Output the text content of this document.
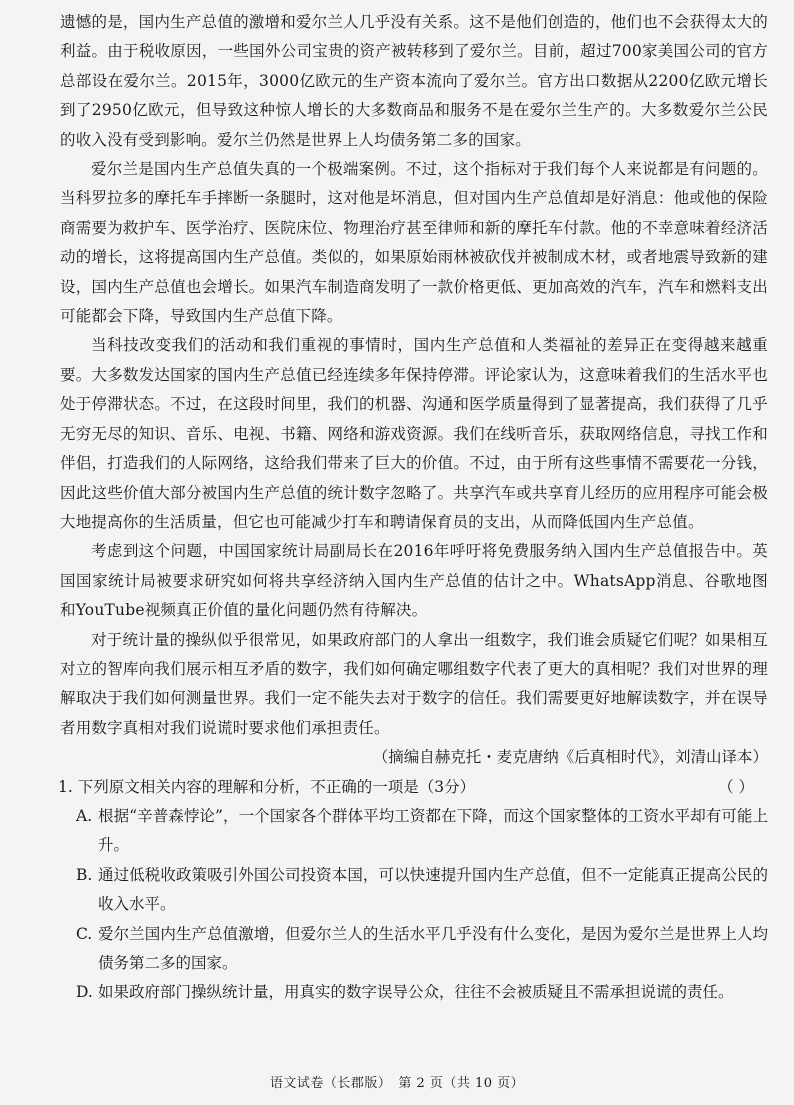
遗憾的是，国内生产总值的激增和爱尔兰人几乎没有关系。这不是他们创造的，他们也不会获得太大的利益。由于税收原因，一些国外公司宝贵的资产被转移到了爱尔兰。目前，超过700家美国公司的官方总部设在爱尔兰。2015年，3000亿欧元的生产资本流向了爱尔兰。官方出口数据从2200亿欧元增长到了2950亿欧元，但导致这种惊人增长的大多数商品和服务不是在爱尔兰生产的。大多数爱尔兰公民的收入没有受到影响。爱尔兰仍然是世界上人均债务第二多的国家。

爱尔兰是国内生产总值失真的一个极端案例。不过，这个指标对于我们每个人来说都是有问题的。当科罗拉多的摩托车手摔断一条腿时，这对他是坏消息，但对国内生产总值却是好消息：他或他的保险商需要为救护车、医学治疗、医院床位、物理治疗甚至律师和新的摩托车付款。他的不幸意味着经济活动的增长，这将提高国内生产总值。类似的，如果原始雨林被砍伐并被制成木材，或者地震导致新的建设，国内生产总值也会增长。如果汽车制造商发明了一款价格更低、更加高效的汽车，汽车和燃料支出可能都会下降，导致国内生产总值下降。

当科技改变我们的活动和我们重视的事情时，国内生产总值和人类福祉的差异正在变得越来越重要。大多数发达国家的国内生产总值已经连续多年保持停滞。评论家认为，这意味着我们的生活水平也处于停滞状态。不过，在这段时间里，我们的机器、沟通和医学质量得到了显著提高，我们获得了几乎无穷无尽的知识、音乐、电视、书籍、网络和游戏资源。我们在线听音乐，获取网络信息，寻找工作和伴侣，打造我们的人际网络，这给我们带来了巨大的价值。不过，由于所有这些事情不需要花一分钱，因此这些价值大部分被国内生产总值的统计数字忽略了。共享汽车或共享育儿经历的应用程序可能会极大地提高你的生活质量，但它也可能减少打车和聘请保育员的支出，从而降低国内生产总值。

考虑到这个问题，中国国家统计局副局长在2016年呼吁将免费服务纳入国内生产总值报告中。英国国家统计局被要求研究如何将共享经济纳入国内生产总值的估计之中。WhatsApp消息、谷歌地图和YouTube视频真正价值的量化问题仍然有待解决。

对于统计量的操纵似乎很常见，如果政府部门的人拿出一组数字，我们谁会质疑它们呢？如果相互对立的智库向我们展示相互矛盾的数字，我们如何确定哪组数字代表了更大的真相呢？我们对世界的理解取决于我们如何测量世界。我们一定不能失去对于数字的信任。我们需要更好地解读数字，并在误导者用数字真相对我们说谎时要求他们承担责任。

（摘编自赫克托・麦克唐纳《后真相时代》，刘清山译本）

1. 下列原文相关内容的理解和分析，不正确的一项是（3分）	（ ）
A. 根据“辛普森悖论”，一个国家各个群体平均工资都在下降，而这个国家整体的工资水平却有可能上升。
B. 通过低税收政策吸引外国公司投资本国，可以快速提升国内生产总值，但不一定能真正提高公民的收入水平。
C. 爱尔兰国内生产总值激增，但爱尔兰人的生活水平几乎没有什么变化，是因为爱尔兰是世界上人均债务第二多的国家。
D. 如果政府部门操纵统计量，用真实的数字误导公众，往往不会被质疑且不需承担说谎的责任。
语文试卷（长郡版）　第 2 页（共 10 页）
